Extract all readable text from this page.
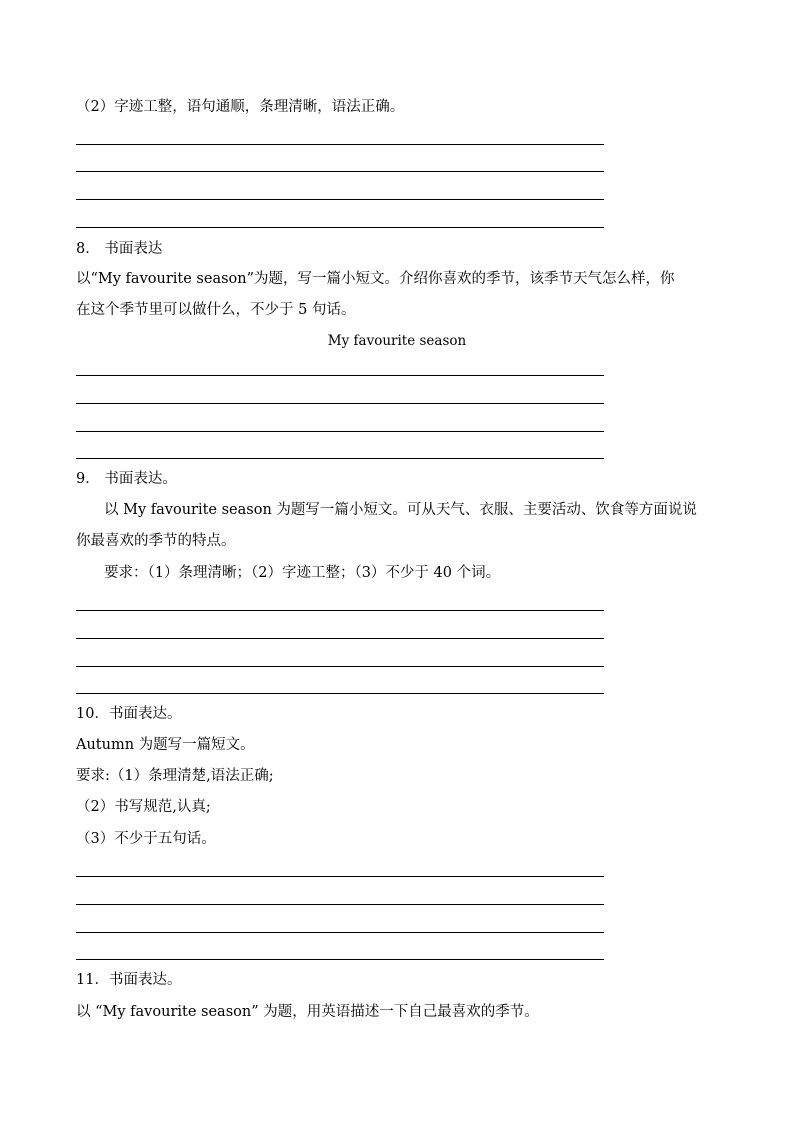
（2）字迹工整，语句通顺，条理清晰，语法正确。
8． 书面表达
以“My favourite season”为题，写一篇小短文。介绍你喜欢的季节，该季节天气怎么样，你
在这个季节里可以做什么，不少于 5 句话。
My favourite season
9． 书面表达。
以 My favourite season 为题写一篇小短文。可从天气、衣服、主要活动、饮食等方面说说
你最喜欢的季节的特点。
要求：（1）条理清晰；（2）字迹工整；（3）不少于 40 个词。
10．书面表达。
Autumn 为题写一篇短文。
要求:（1）条理清楚,语法正确;
（2）书写规范,认真;
（3）不少于五句话。
11．书面表达。
以 “My favourite season” 为题，用英语描述一下自己最喜欢的季节。
